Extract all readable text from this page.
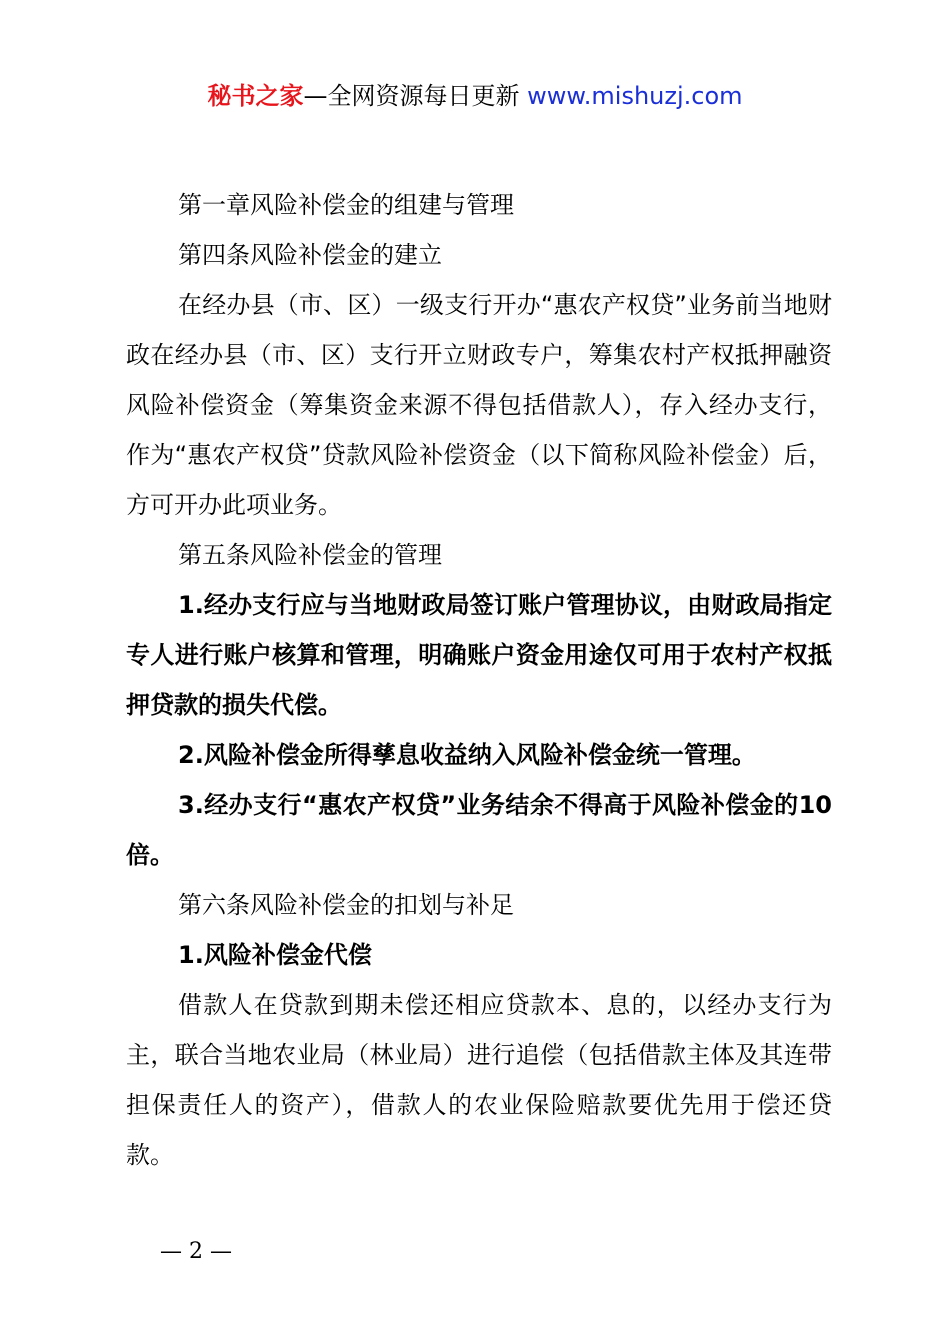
秘书之家—全网资源每日更新 www.mishuzj.com

第一章风险补偿金的组建与管理

第四条风险补偿金的建立

在经办县（市、区）一级支行开办“惠农产权贷”业务前当地财政在经办县（市、区）支行开立财政专户，筹集农村产权抵押融资风险补偿资金（筹集资金来源不得包括借款人），存入经办支行，作为“惠农产权贷”贷款风险补偿资金（以下简称风险补偿金）后，方可开办此项业务。

第五条风险补偿金的管理

1.经办支行应与当地财政局签订账户管理协议，由财政局指定专人进行账户核算和管理，明确账户资金用途仅可用于农村产权抵押贷款的损失代偿。

2.风险补偿金所得孳息收益纳入风险补偿金统一管理。

3.经办支行“惠农产权贷”业务结余不得高于风险补偿金的10倍。

第六条风险补偿金的扣划与补足

1.风险补偿金代偿

借款人在贷款到期未偿还相应贷款本、息的，以经办支行为主，联合当地农业局（林业局）进行追偿（包括借款主体及其连带担保责任人的资产），借款人的农业保险赔款要优先用于偿还贷款。

— 2 —
